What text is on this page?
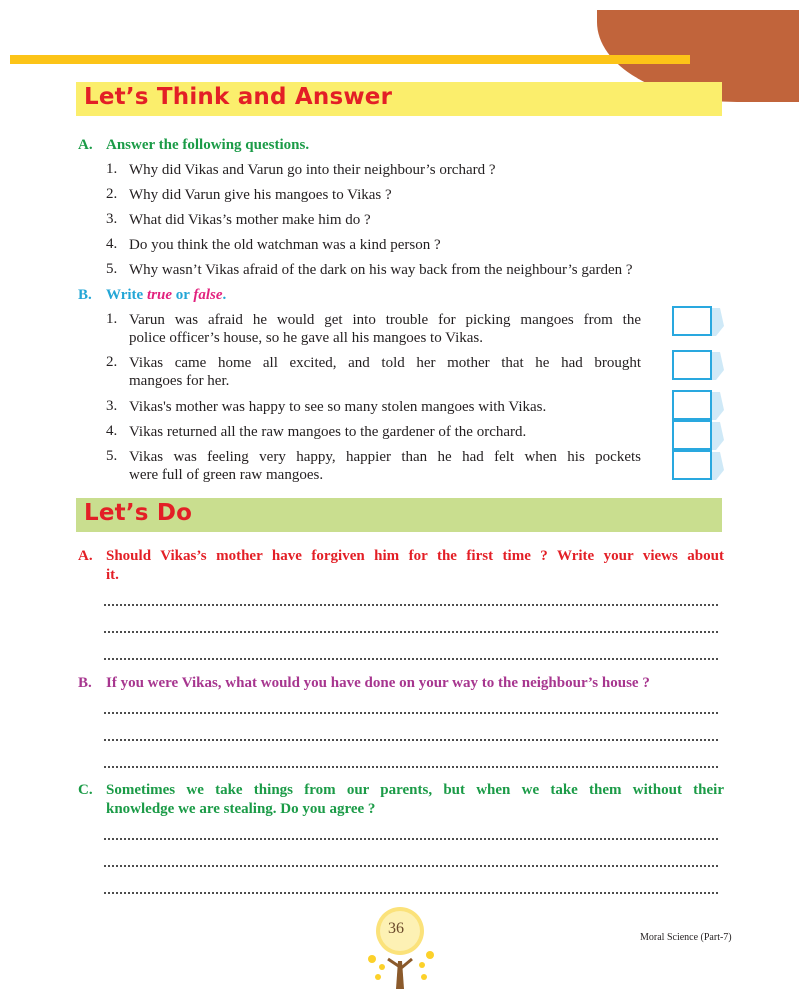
Let’s Think and Answer
A. Answer the following questions.
1. Why did Vikas and Varun go into their neighbour’s orchard ?
2. Why did Varun give his mangoes to Vikas ?
3. What did Vikas’s mother make him do ?
4. Do you think the old watchman was a kind person ?
5. Why wasn’t Vikas afraid of the dark on his way back from the neighbour’s garden ?
B. Write true or false.
1. Varun was afraid he would get into trouble for picking mangoes from the
police officer’s house, so he gave all his mangoes to Vikas.
2. Vikas came home all excited, and told her mother that he had brought
mangoes for her.
3. Vikas's mother was happy to see so many stolen mangoes with Vikas.
4. Vikas returned all the raw mangoes to the gardener of the orchard.
5. Vikas was feeling very happy, happier than he had felt when his pockets
were full of green raw mangoes.
Let’s Do
A. Should Vikas’s mother have forgiven him for the first time ? Write your views about
it.
B. If you were Vikas, what would you have done on your way to the neighbour’s house ?
C. Sometimes we take things from our parents, but when we take them without their
knowledge we are stealing. Do you agree ?
36
Moral Science (Part-7)
